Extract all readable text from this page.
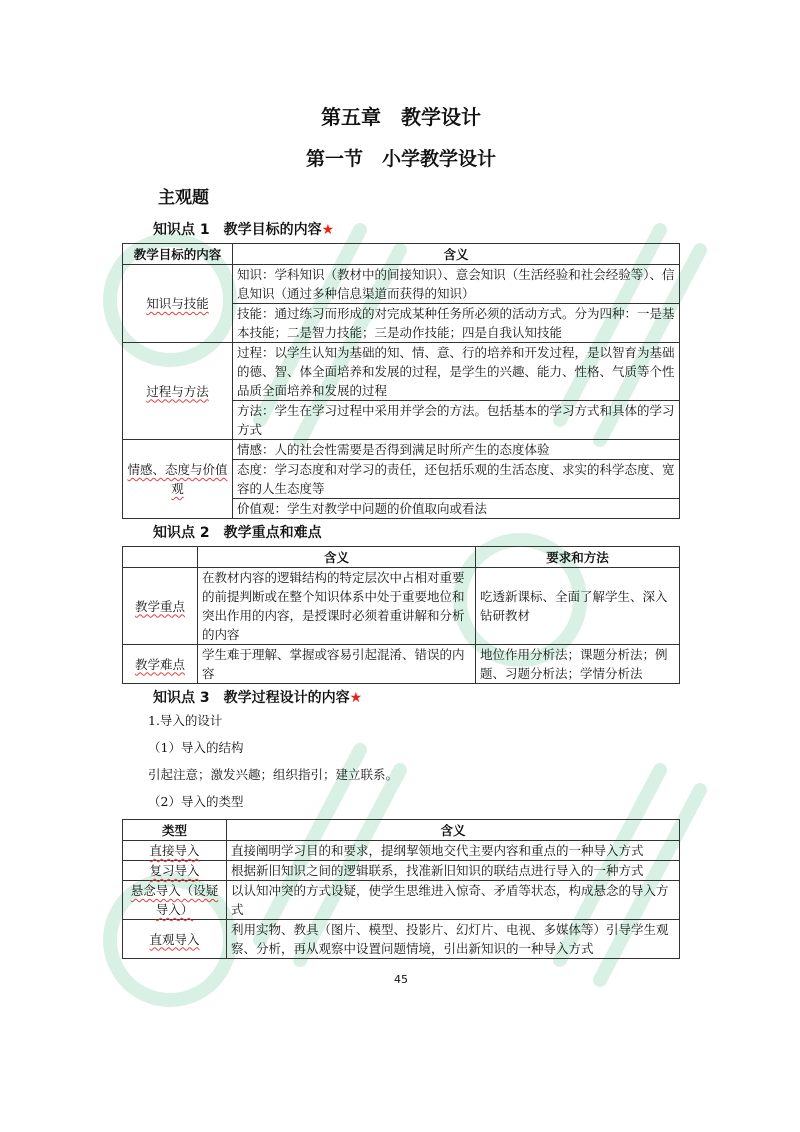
第五章　教学设计
第一节　小学教学设计
主观题
知识点 1　教学目标的内容★
教学目标的内容	含义
知识与技能	知识：学科知识（教材中的间接知识）、意会知识（生活经验和社会经验等）、信息知识（通过多种信息渠道而获得的知识）
	技能：通过练习而形成的对完成某种任务所必须的活动方式。分为四种：一是基本技能；二是智力技能；三是动作技能；四是自我认知技能
过程与方法	过程：以学生认知为基础的知、情、意、行的培养和开发过程，是以智育为基础的德、智、体全面培养和发展的过程，是学生的兴趣、能力、性格、气质等个性品质全面培养和发展的过程
	方法：学生在学习过程中采用并学会的方法。包括基本的学习方式和具体的学习方式
情感、态度与价值观	情感：人的社会性需要是否得到满足时所产生的态度体验
	态度：学习态度和对学习的责任，还包括乐观的生活态度、求实的科学态度、宽容的人生态度等
	价值观：学生对教学中问题的价值取向或看法
知识点 2　教学重点和难点
	含义	要求和方法
教学重点	在教材内容的逻辑结构的特定层次中占相对重要的前提判断或在整个知识体系中处于重要地位和突出作用的内容，是授课时必须着重讲解和分析的内容	吃透新课标、全面了解学生、深入钻研教材
教学难点	学生难于理解、掌握或容易引起混淆、错误的内容	地位作用分析法；课题分析法；例题、习题分析法；学情分析法
知识点 3　教学过程设计的内容★
1.导入的设计
（1）导入的结构
引起注意；激发兴趣；组织指引；建立联系。
（2）导入的类型
类型	含义
直接导入	直接阐明学习目的和要求，提纲挈领地交代主要内容和重点的一种导入方式
复习导入	根据新旧知识之间的逻辑联系，找准新旧知识的联结点进行导入的一种方式
悬念导入（设疑导入）	以认知冲突的方式设疑，使学生思维进入惊奇、矛盾等状态，构成悬念的导入方式
直观导入	利用实物、教具（图片、模型、投影片、幻灯片、电视、多媒体等）引导学生观察、分析，再从观察中设置问题情境，引出新知识的一种导入方式
45
